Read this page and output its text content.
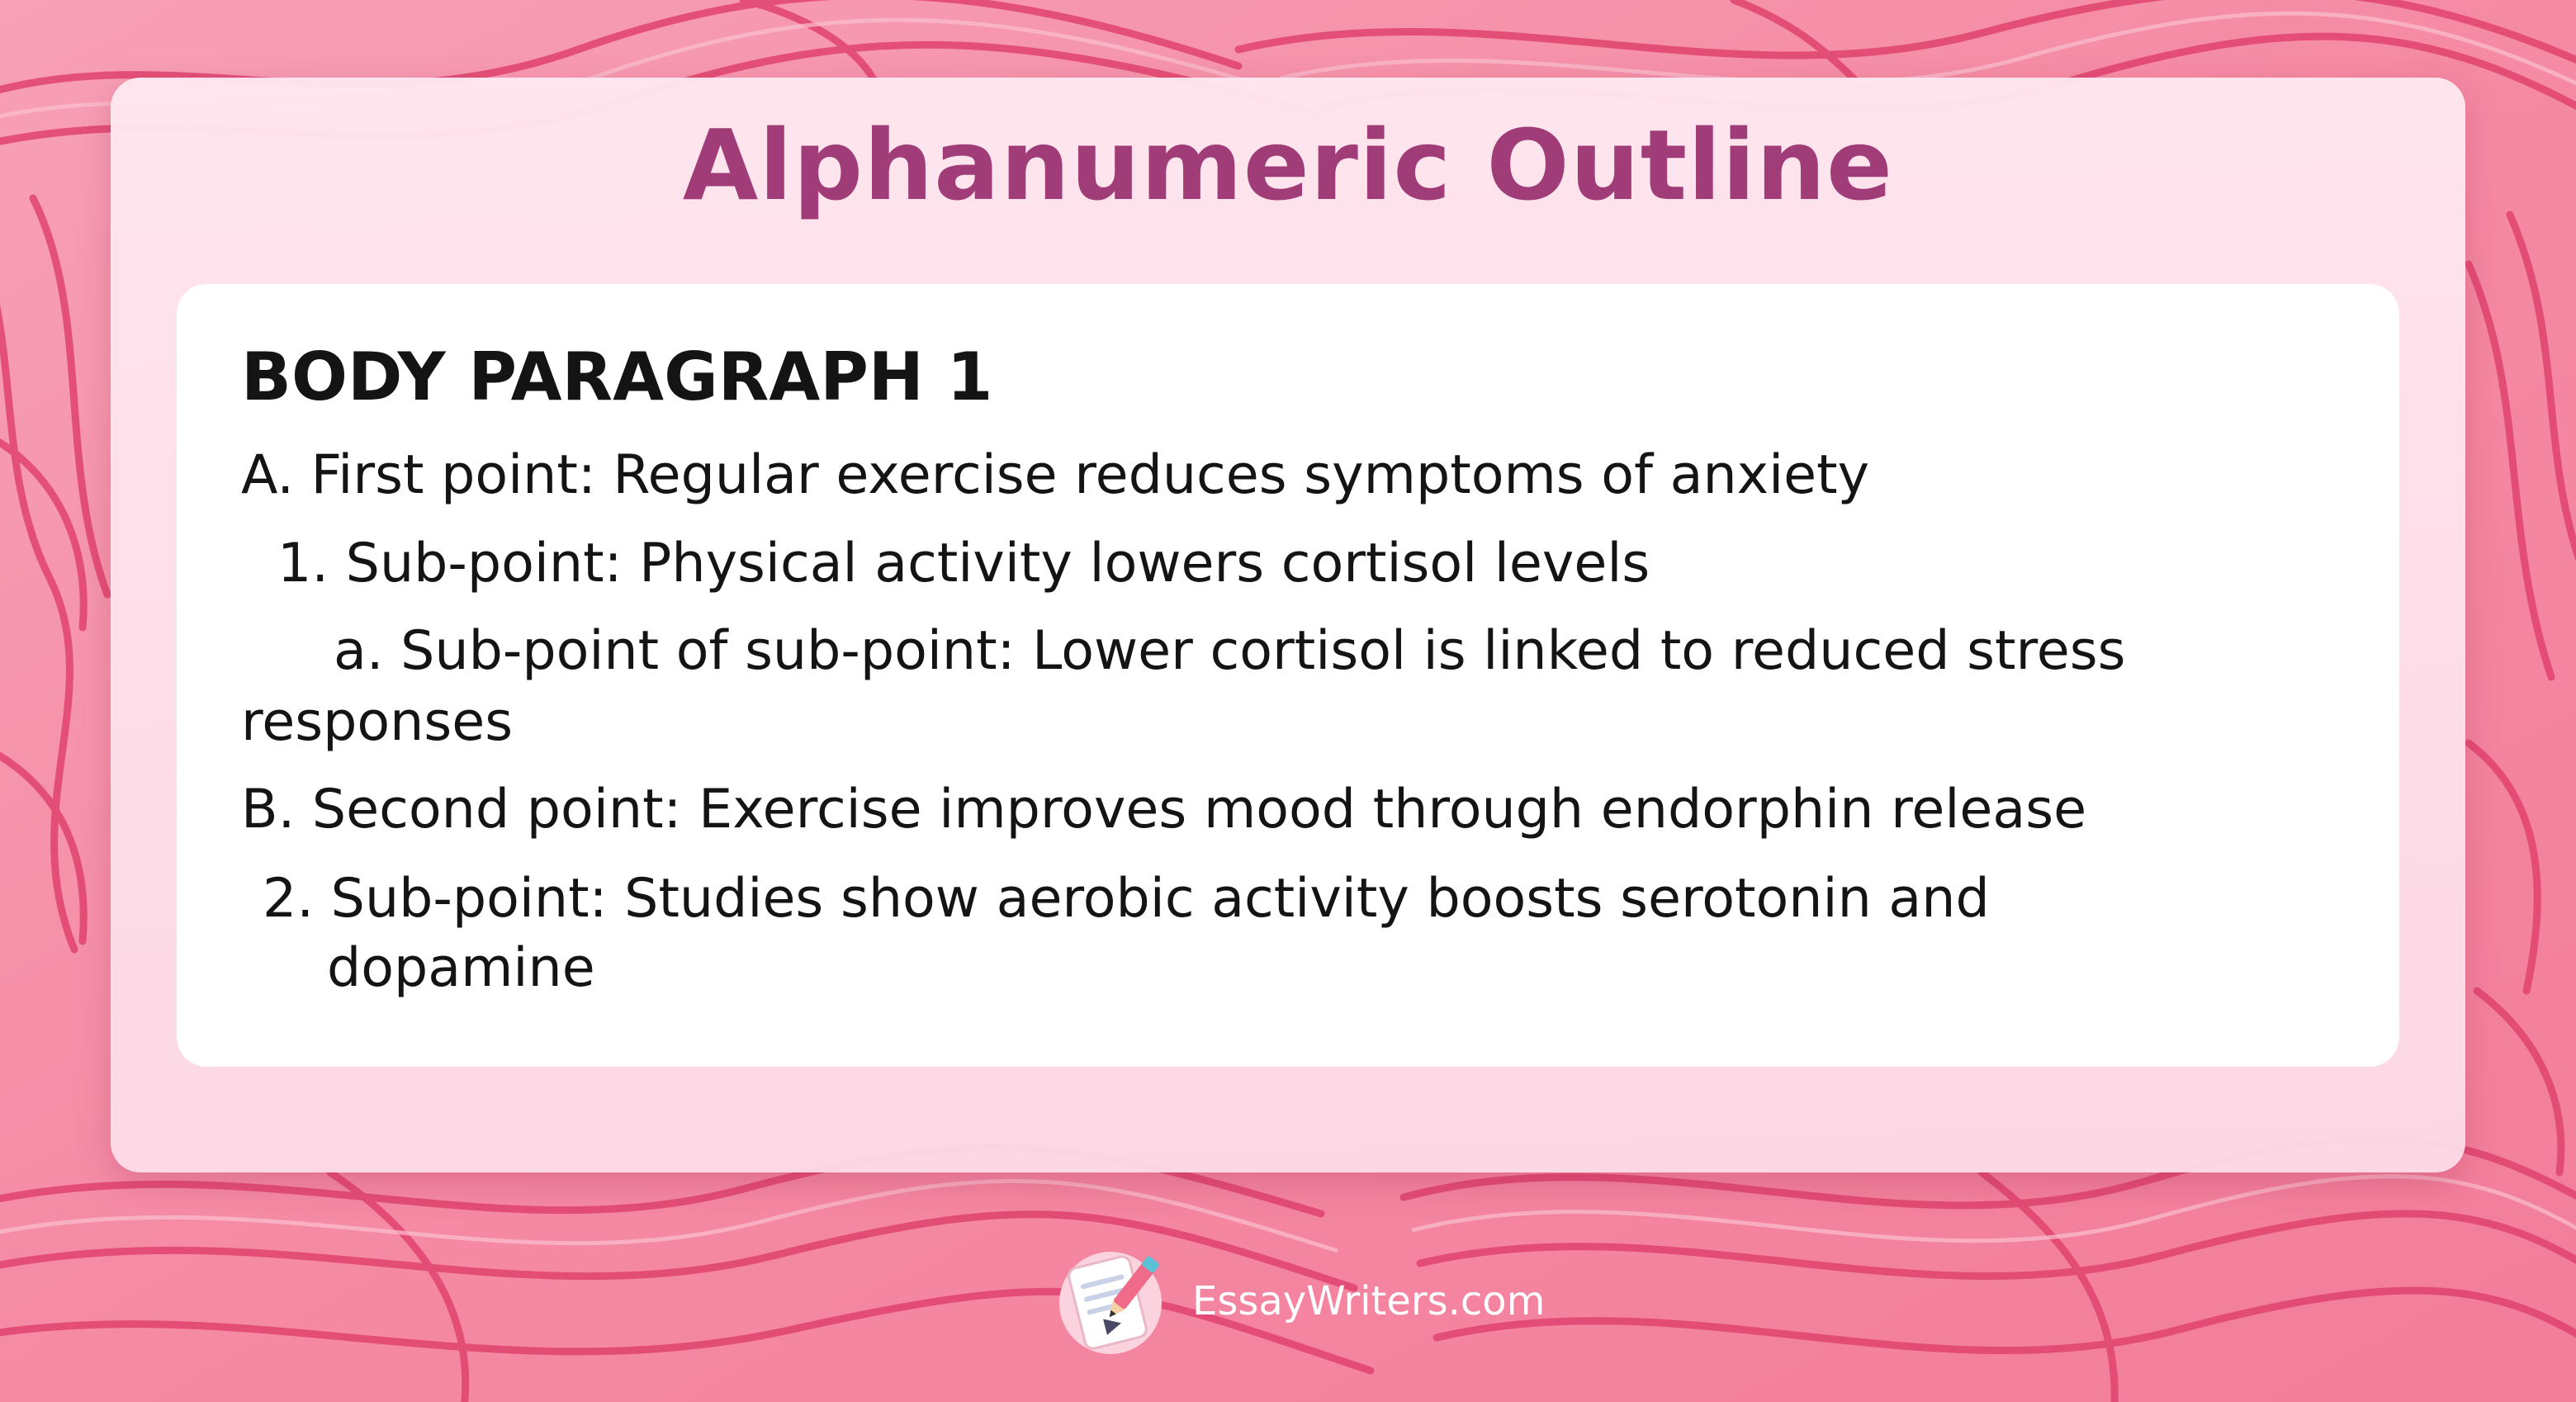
Alphanumeric Outline
BODY PARAGRAPH 1
A. First point: Regular exercise reduces symptoms of anxiety
1. Sub-point: Physical activity lowers cortisol levels
a. Sub-point of sub-point: Lower cortisol is linked to reduced stress
responses
B. Second point: Exercise improves mood through endorphin release
2. Sub-point: Studies show aerobic activity boosts serotonin and
dopamine
EssayWriters.com
